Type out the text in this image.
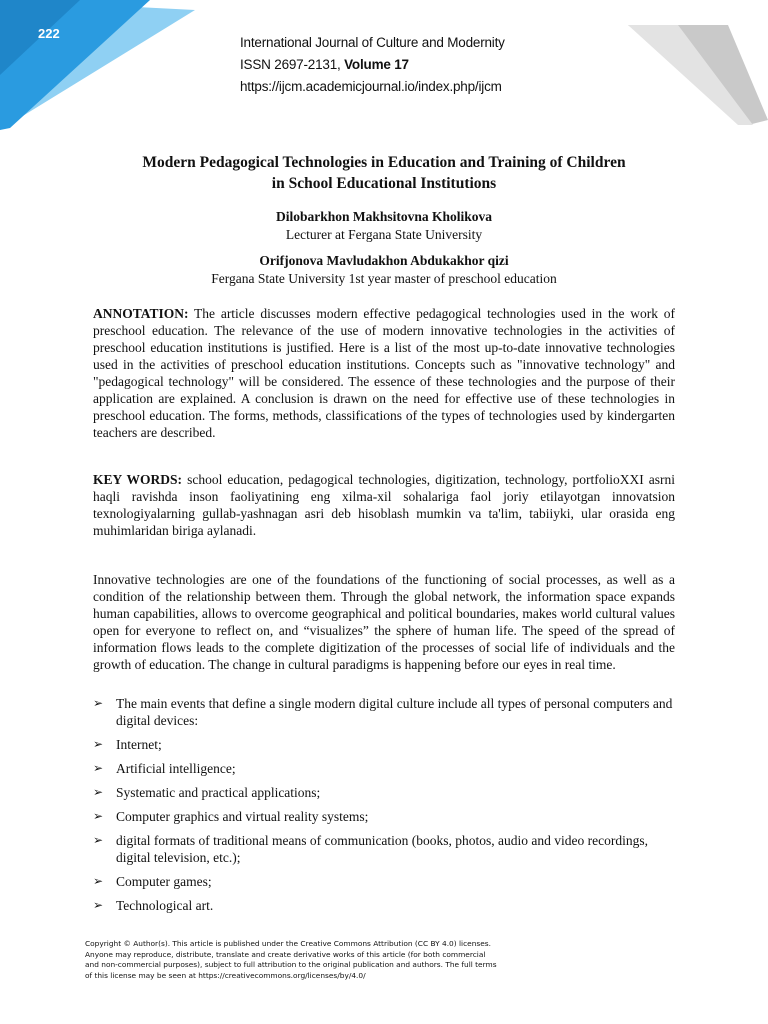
222
International Journal of Culture and Modernity
ISSN 2697-2131, Volume 17
https://ijcm.academicjournal.io/index.php/ijcm
Modern Pedagogical Technologies in Education and Training of Children
in School Educational Institutions
Dilobarkhon Makhsitovna Kholikova
Lecturer at Fergana State University
Orifjonova Mavludakhon Abdukakhor qizi
Fergana State University 1st year master of preschool education
ANNOTATION: The article discusses modern effective pedagogical technologies used in the work of preschool education. The relevance of the use of modern innovative technologies in the activities of preschool education institutions is justified. Here is a list of the most up-to-date innovative technologies used in the activities of preschool education institutions. Concepts such as "innovative technology" and "pedagogical technology" will be considered. The essence of these technologies and the purpose of their application are explained. A conclusion is drawn on the need for effective use of these technologies in preschool education. The forms, methods, classifications of the types of technologies used by kindergarten teachers are described.
KEY WORDS: school education, pedagogical technologies, digitization, technology, portfolioXXI asrni haqli ravishda inson faoliyatining eng xilma-xil sohalariga faol joriy etilayotgan innovatsion texnologiyalarning gullab-yashnagan asri deb hisoblash mumkin va ta'lim, tabiiyki, ular orasida eng muhimlaridan biriga aylanadi.
Innovative technologies are one of the foundations of the functioning of social processes, as well as a condition of the relationship between them. Through the global network, the information space expands human capabilities, allows to overcome geographical and political boundaries, makes world cultural values open for everyone to reflect on, and “visualizes” the sphere of human life. The speed of the spread of information flows leads to the complete digitization of the processes of social life of individuals and the growth of education. The change in cultural paradigms is happening before our eyes in real time.
➢ The main events that define a single modern digital culture include all types of personal computers and digital devices:
➢ Internet;
➢ Artificial intelligence;
➢ Systematic and practical applications;
➢ Computer graphics and virtual reality systems;
➢ digital formats of traditional means of communication (books, photos, audio and video recordings, digital television, etc.);
➢ Computer games;
➢ Technological art.
Copyright © Author(s). This article is published under the Creative Commons Attribution (CC BY 4.0) licenses.
Anyone may reproduce, distribute, translate and create derivative works of this article (for both commercial
and non-commercial purposes), subject to full attribution to the original publication and authors. The full terms
of this license may be seen at https://creativecommons.org/licenses/by/4.0/
